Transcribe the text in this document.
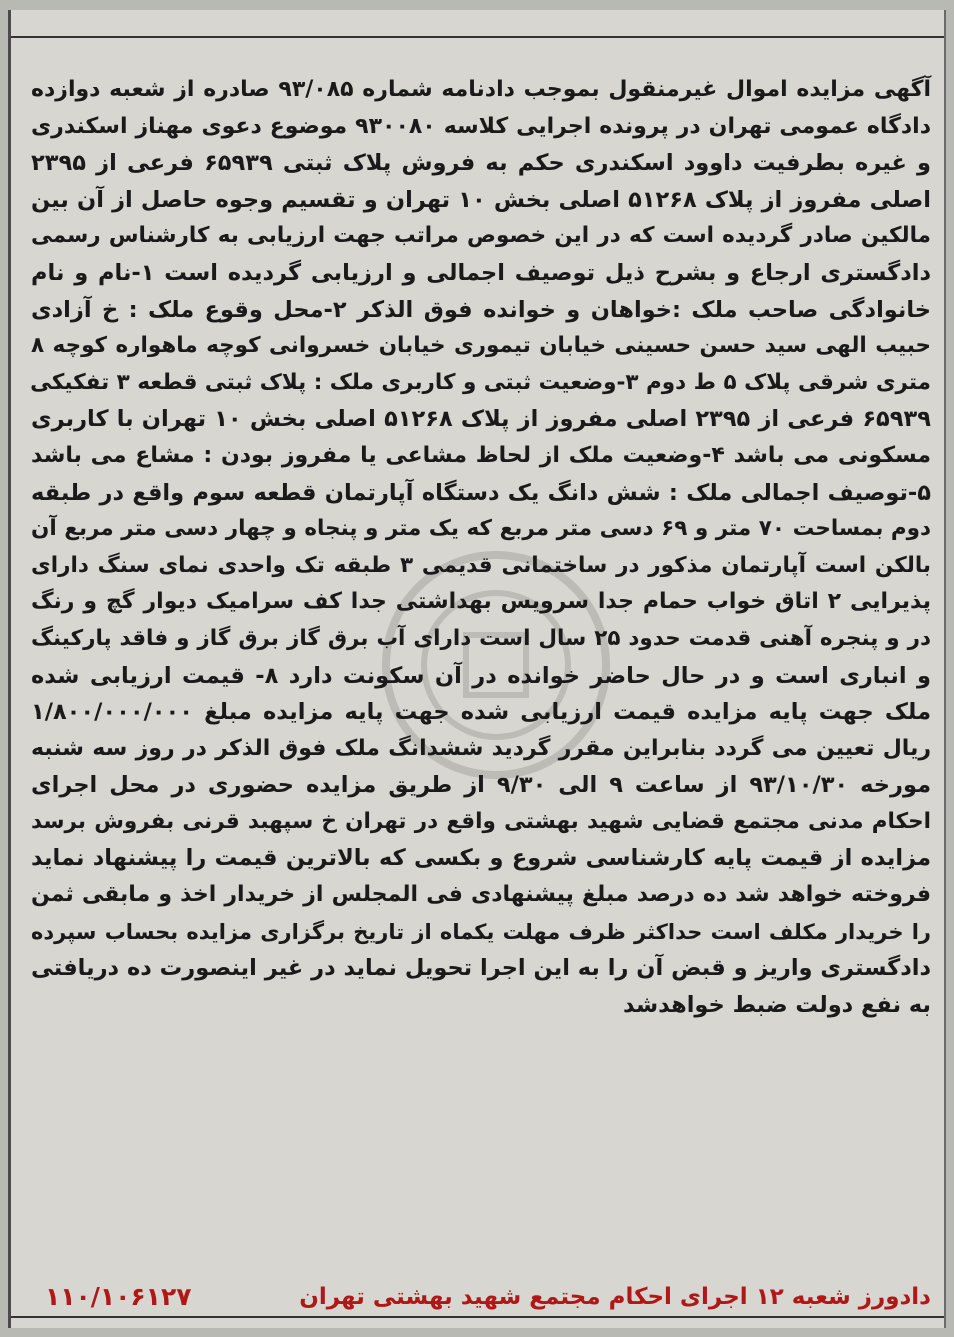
آگهی مزایده اموال غیرمنقول بموجب دادنامه شماره ۹۳/۰۸۵ صادره از شعبه دوازده
دادگاه عمومی تهران در پرونده اجرایی کلاسه ۹۳۰۰۸۰ موضوع دعوی مهناز اسکندری
و غیره بطرفیت داوود اسکندری حکم به فروش پلاک ثبتی ۶۵۹۳۹ فرعی از ۲۳۹۵
اصلی مفروز از پلاک ۵۱۲۶۸ اصلی بخش ۱۰ تهران و تقسیم وجوه حاصل از آن بین
مالکین صادر گردیده است که در این خصوص مراتب جهت ارزیابی به کارشناس رسمی
دادگستری ارجاع و بشرح ذیل توصیف اجمالی و ارزیابی گردیده است ۱-نام و نام
خانوادگی صاحب ملک :خواهان و خوانده فوق الذکر ۲-محل وقوع ملک : خ آزادی
حبیب الهی سید حسن حسینی خیابان تیموری خیابان خسروانی کوچه ماهواره کوچه ۸
متری شرقی پلاک ۵ ط دوم ۳-وضعیت ثبتی و کاربری ملک : پلاک ثبتی قطعه ۳ تفکیکی
۶۵۹۳۹ فرعی از ۲۳۹۵ اصلی مفروز از پلاک ۵۱۲۶۸ اصلی بخش ۱۰ تهران با کاربری
مسکونی می باشد ۴-وضعیت ملک از لحاظ مشاعی یا مفروز بودن : مشاع می باشد
۵-توصیف اجمالی ملک : شش دانگ یک دستگاه آپارتمان قطعه سوم واقع در طبقه
دوم بمساحت ۷۰ متر و ۶۹ دسی متر مربع که یک متر و پنجاه و چهار دسی متر مربع آن
بالکن است آپارتمان مذکور در ساختمانی قدیمی ۳ طبقه تک واحدی نمای سنگ دارای
پذیرایی ۲ اتاق خواب حمام جدا سرویس بهداشتی جدا کف سرامیک دیوار گچ و رنگ
در و پنجره آهنی قدمت حدود ۲۵ سال است دارای آب برق گاز برق گاز و فاقد پارکینگ
و انباری است و در حال حاضر خوانده در آن سکونت دارد ۸- قیمت ارزیابی شده
ملک جهت پایه مزایده قیمت ارزیابی شده جهت پایه مزایده مبلغ ۱/۸۰۰/۰۰۰/۰۰۰
ریال تعیین می گردد بنابراین مقرر گردید ششدانگ ملک فوق الذکر در روز سه شنبه
مورخه ۹۳/۱۰/۳۰ از ساعت ۹ الی ۹/۳۰ از طریق مزایده حضوری در محل اجرای
احکام مدنی مجتمع قضایی شهید بهشتی واقع در تهران خ سپهبد قرنی بفروش برسد
مزایده از قیمت پایه کارشناسی شروع و بکسی که بالاترین قیمت را پیشنهاد نماید
فروخته خواهد شد ده درصد مبلغ پیشنهادی فی المجلس از خریدار اخذ و مابقی ثمن
را خریدار مکلف است حداکثر ظرف مهلت یکماه از تاریخ برگزاری مزایده بحساب سپرده
دادگستری واریز و قبض آن را به این اجرا تحویل نماید در غیر اینصورت ده دریافتی
به نفع دولت ضبط خواهدشد
دادورز شعبه ۱۲ اجرای احکام مجتمع شهید بهشتی تهران
۱۱۰/۱۰۶۱۲۷
